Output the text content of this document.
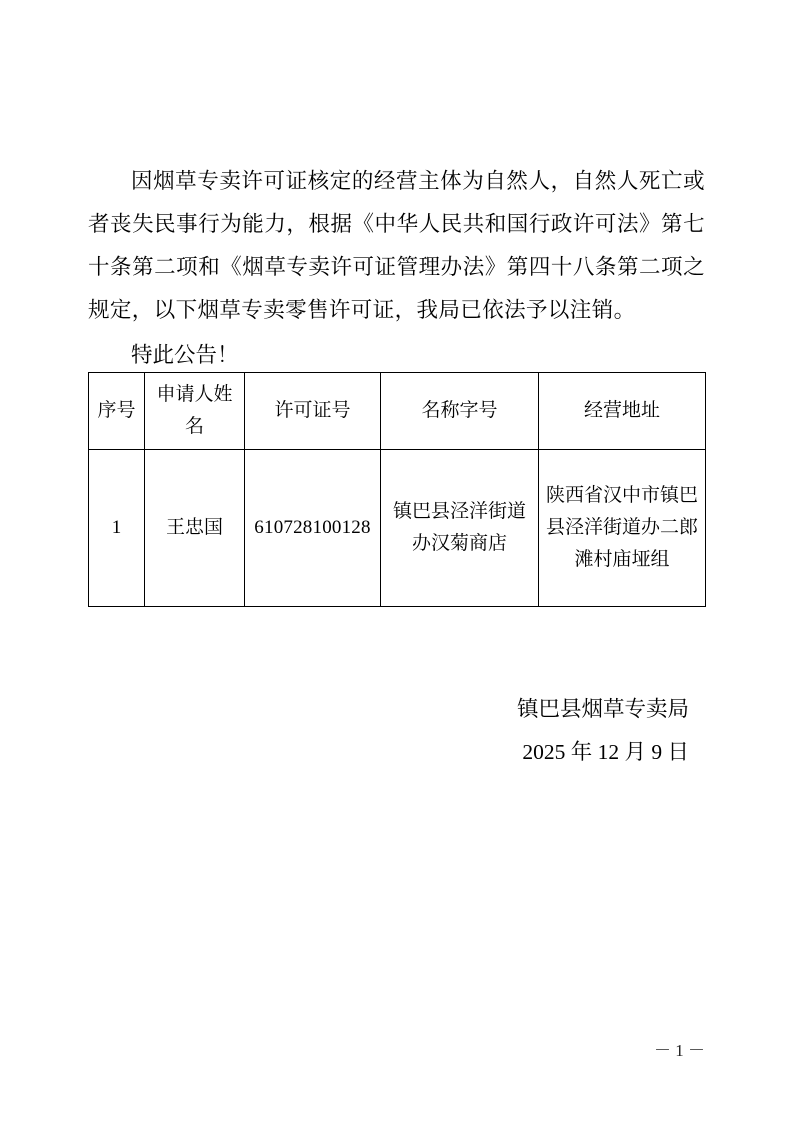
因烟草专卖许可证核定的经营主体为自然人，自然人死亡或者丧失民事行为能力，根据《中华人民共和国行政许可法》第七十条第二项和《烟草专卖许可证管理办法》第四十八条第二项之规定，以下烟草专卖零售许可证，我局已依法予以注销。

特此公告！

序号	申请人姓名	许可证号	名称字号	经营地址
1	王忠国	610728100128	镇巴县泾洋街道办汉菊商店	陕西省汉中市镇巴县泾洋街道办二郎滩村庙垭组
镇巴县烟草专卖局
2025 年 12 月 9 日
－ 1 －
